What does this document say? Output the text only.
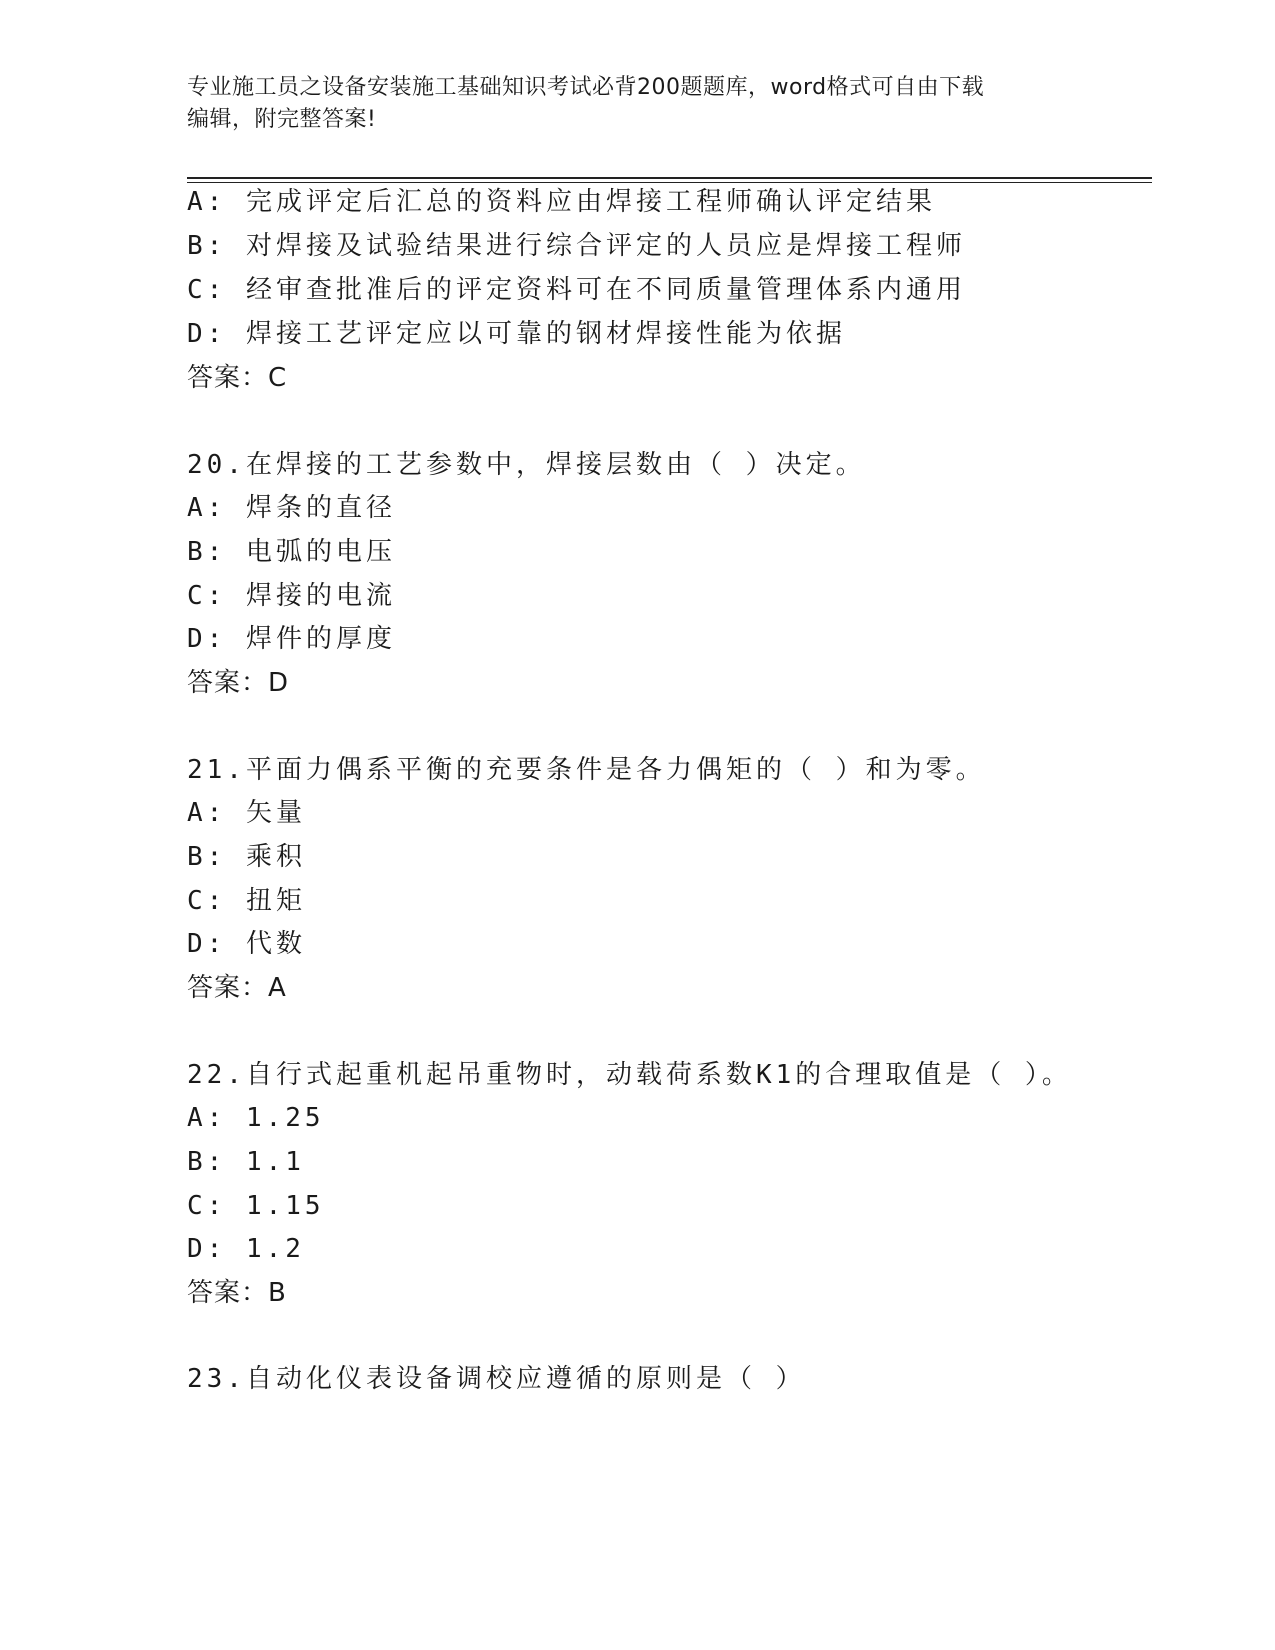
专业施工员之设备安装施工基础知识考试必背200题题库，word格式可自由下载
编辑，附完整答案!
A: 完成评定后汇总的资料应由焊接工程师确认评定结果
B: 对焊接及试验结果进行综合评定的人员应是焊接工程师
C: 经审查批准后的评定资料可在不同质量管理体系内通用
D: 焊接工艺评定应以可靠的钢材焊接性能为依据
答案：C
20.在焊接的工艺参数中，焊接层数由（ ）决定。
A: 焊条的直径
B: 电弧的电压
C: 焊接的电流
D: 焊件的厚度
答案：D
21.平面力偶系平衡的充要条件是各力偶矩的（ ）和为零。
A: 矢量
B: 乘积
C: 扭矩
D: 代数
答案：A
22.自行式起重机起吊重物时，动载荷系数K1的合理取值是（ ）。
A: 1.25
B: 1.1
C: 1.15
D: 1.2
答案：B
23.自动化仪表设备调校应遵循的原则是（ ）
